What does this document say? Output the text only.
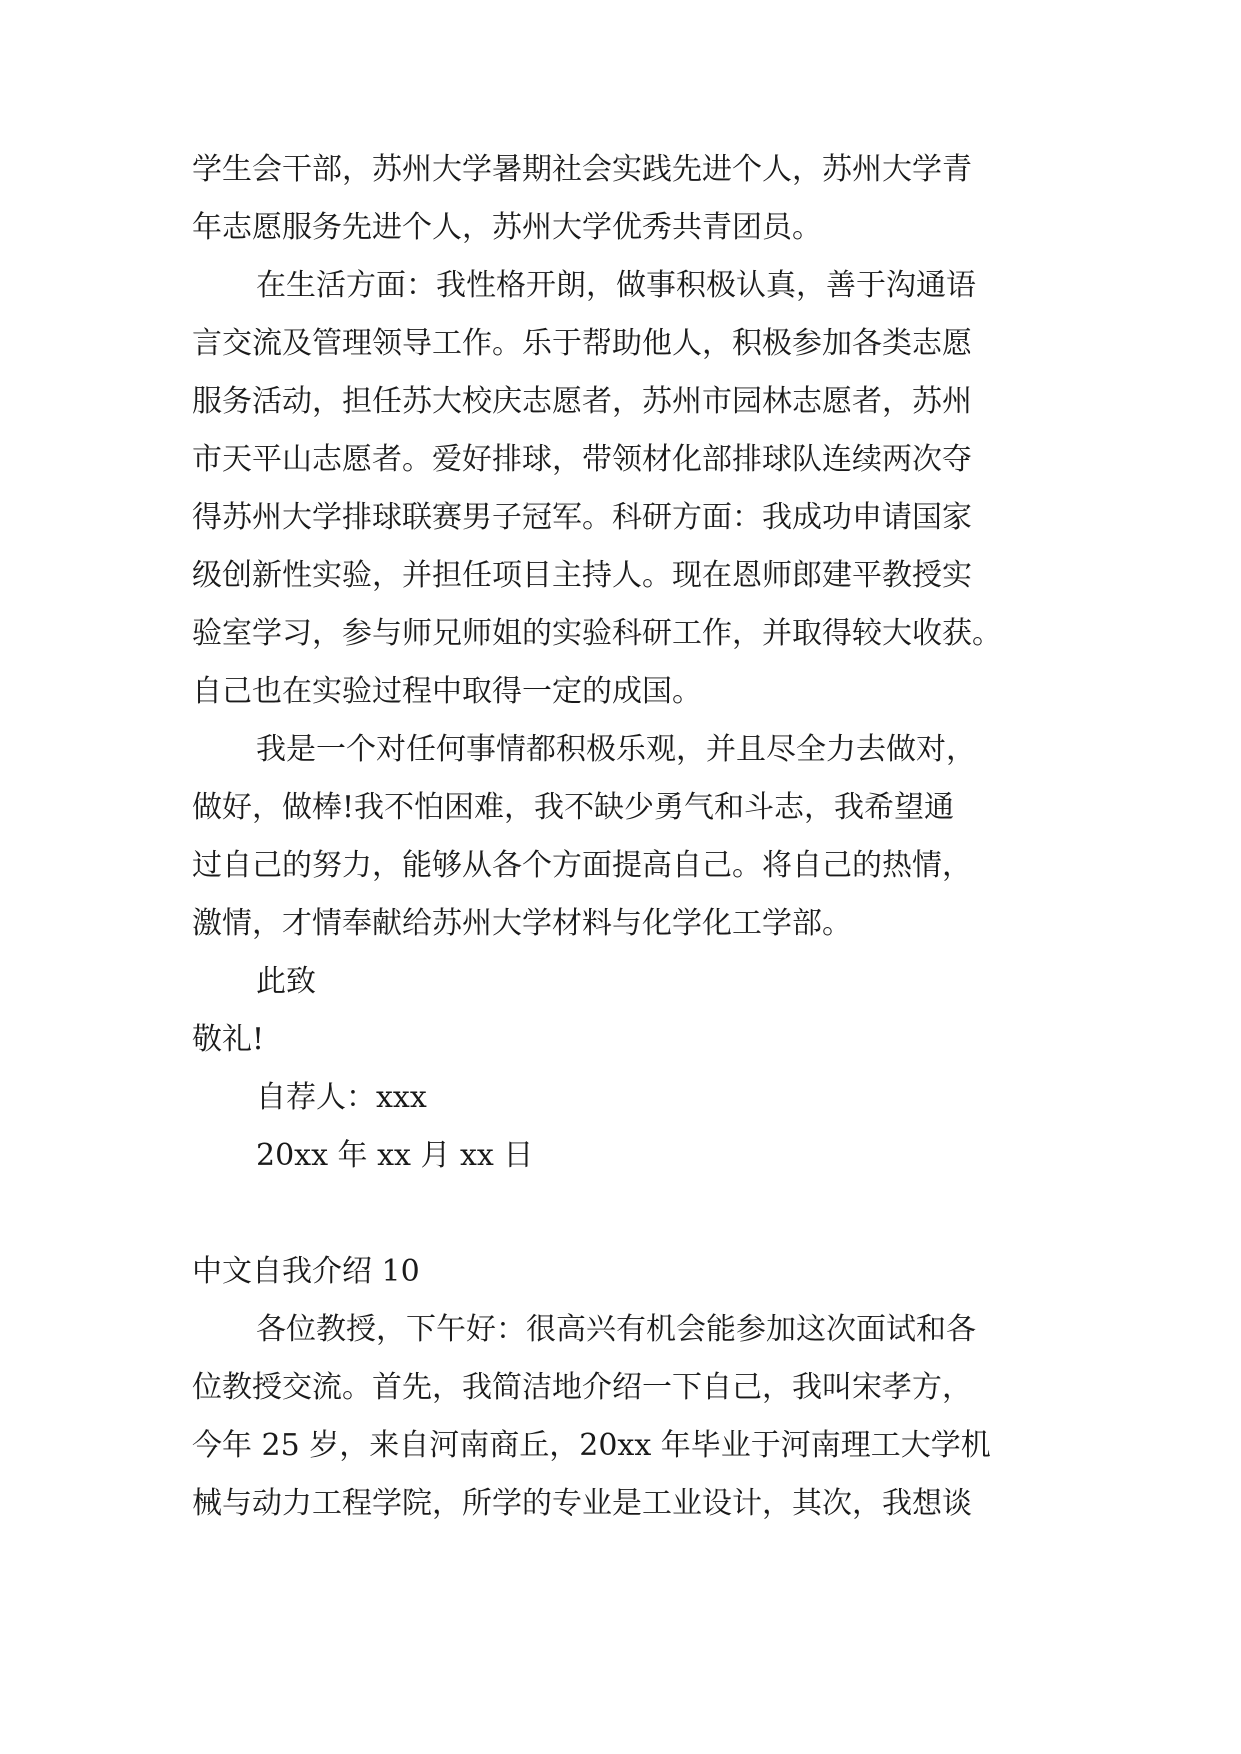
学生会干部，苏州大学暑期社会实践先进个人，苏州大学青
年志愿服务先进个人，苏州大学优秀共青团员。
在生活方面：我性格开朗，做事积极认真，善于沟通语
言交流及管理领导工作。乐于帮助他人，积极参加各类志愿
服务活动，担任苏大校庆志愿者，苏州市园林志愿者，苏州
市天平山志愿者。爱好排球，带领材化部排球队连续两次夺
得苏州大学排球联赛男子冠军。科研方面：我成功申请国家
级创新性实验，并担任项目主持人。现在恩师郎建平教授实
验室学习，参与师兄师姐的实验科研工作，并取得较大收获。
自己也在实验过程中取得一定的成国。
我是一个对任何事情都积极乐观，并且尽全力去做对，
做好，做棒!我不怕困难，我不缺少勇气和斗志，我希望通
过自己的努力，能够从各个方面提高自己。将自己的热情，
激情，才情奉献给苏州大学材料与化学化工学部。
此致
敬礼!
自荐人：xxx
20xx 年 xx 月 xx 日
中文自我介绍 10
各位教授，下午好：很高兴有机会能参加这次面试和各
位教授交流。首先，我简洁地介绍一下自己，我叫宋孝方，
今年 25 岁，来自河南商丘，20xx 年毕业于河南理工大学机
械与动力工程学院，所学的专业是工业设计，其次，我想谈
